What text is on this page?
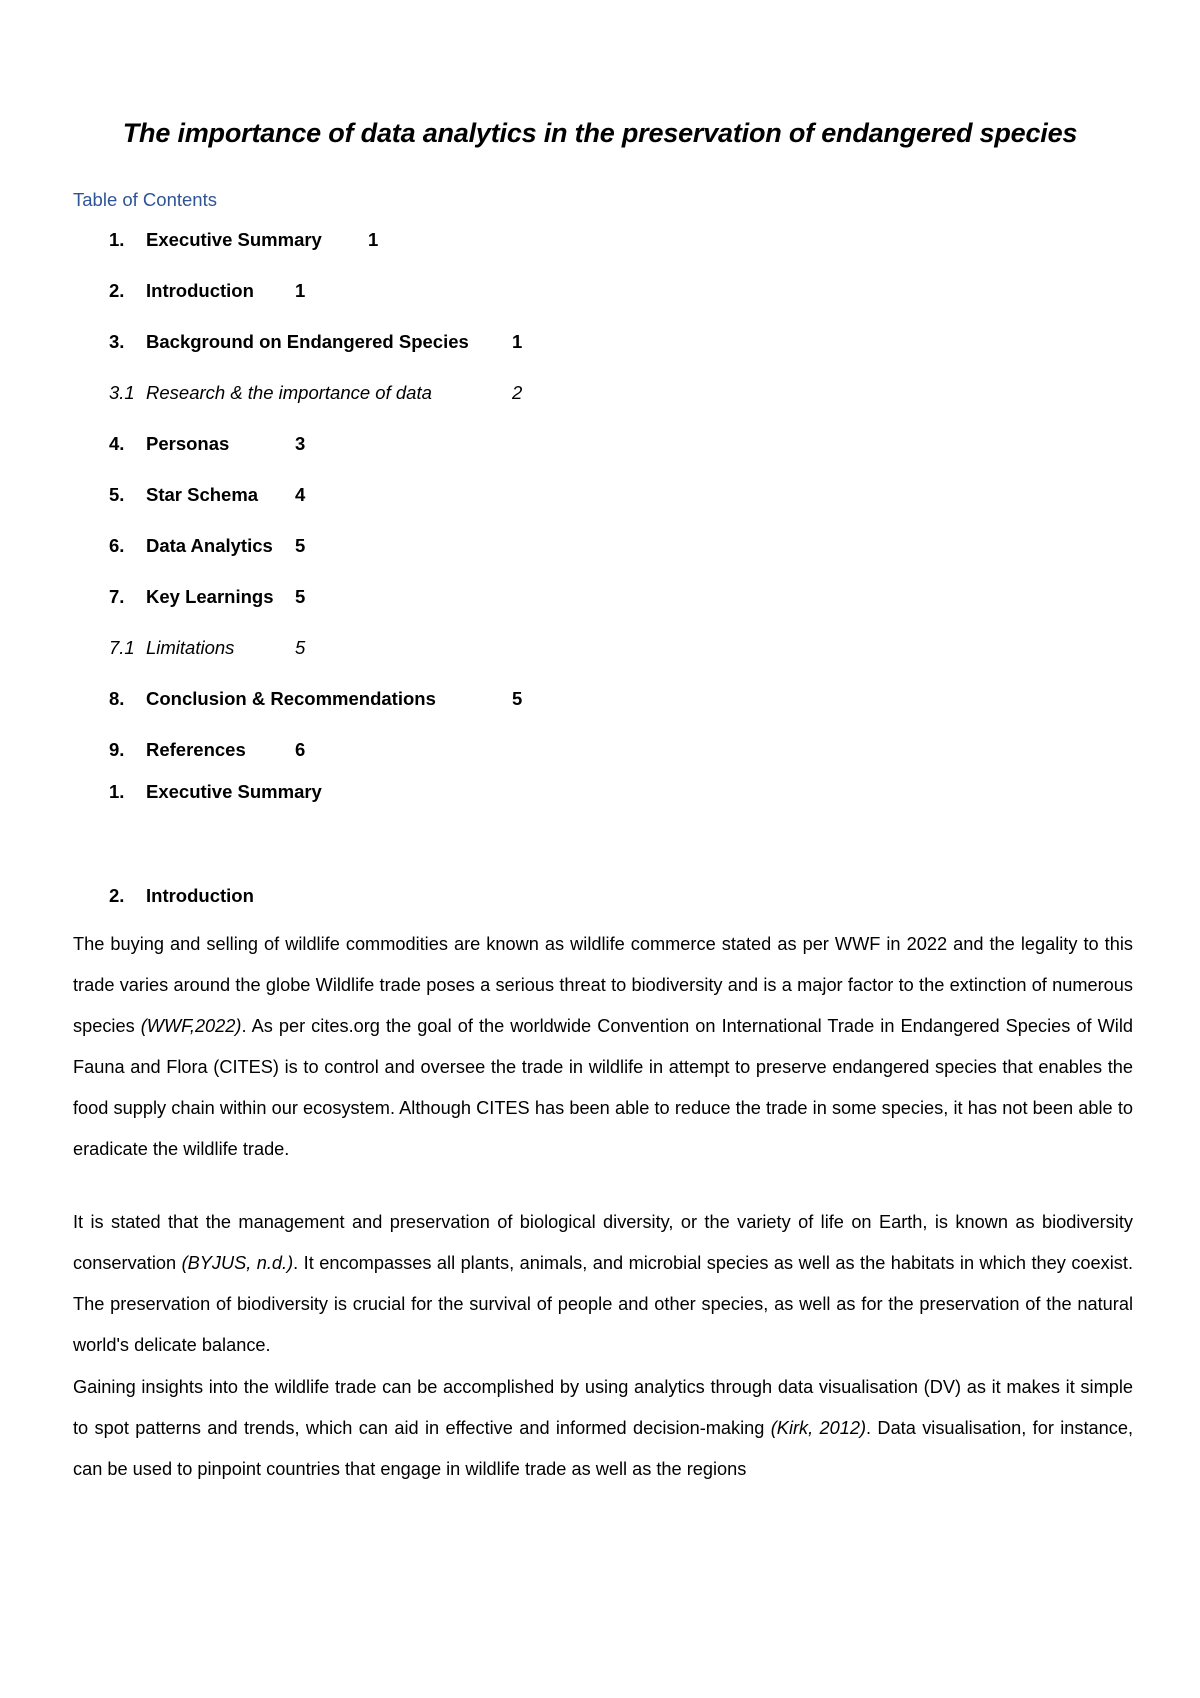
The importance of data analytics in the preservation of endangered species
Table of Contents
1. Executive Summary 1
2. Introduction 1
3. Background on Endangered Species 1
3.1 Research & the importance of data	2
4. Personas	3
5. Star Schema 4
6. Data Analytics 5
7. Key Learnings 5
7.1 Limitations	5
8. Conclusion & Recommendations	5
9. References	6
1. Executive Summary
2. Introduction

The buying and selling of wildlife commodities are known as wildlife commerce stated as per WWF in 2022 and the legality to this trade varies around the globe Wildlife trade poses a serious threat to biodiversity and is a major factor to the extinction of numerous species (WWF,2022). As per cites.org the goal of the worldwide Convention on International Trade in Endangered Species of Wild Fauna and Flora (CITES) is to control and oversee the trade in wildlife in attempt to preserve endangered species that enables the food supply chain within our ecosystem. Although CITES has been able to reduce the trade in some species, it has not been able to eradicate the wildlife trade.

It is stated that the management and preservation of biological diversity, or the variety of life on Earth, is known as biodiversity conservation (BYJUS, n.d.). It encompasses all plants, animals, and microbial species as well as the habitats in which they coexist. The preservation of biodiversity is crucial for the survival of people and other species, as well as for the preservation of the natural world's delicate balance.

Gaining insights into the wildlife trade can be accomplished by using analytics through data visualisation (DV) as it makes it simple to spot patterns and trends, which can aid in effective and informed decision-making (Kirk, 2012). Data visualisation, for instance, can be used to pinpoint countries that engage in wildlife trade as well as the regions
